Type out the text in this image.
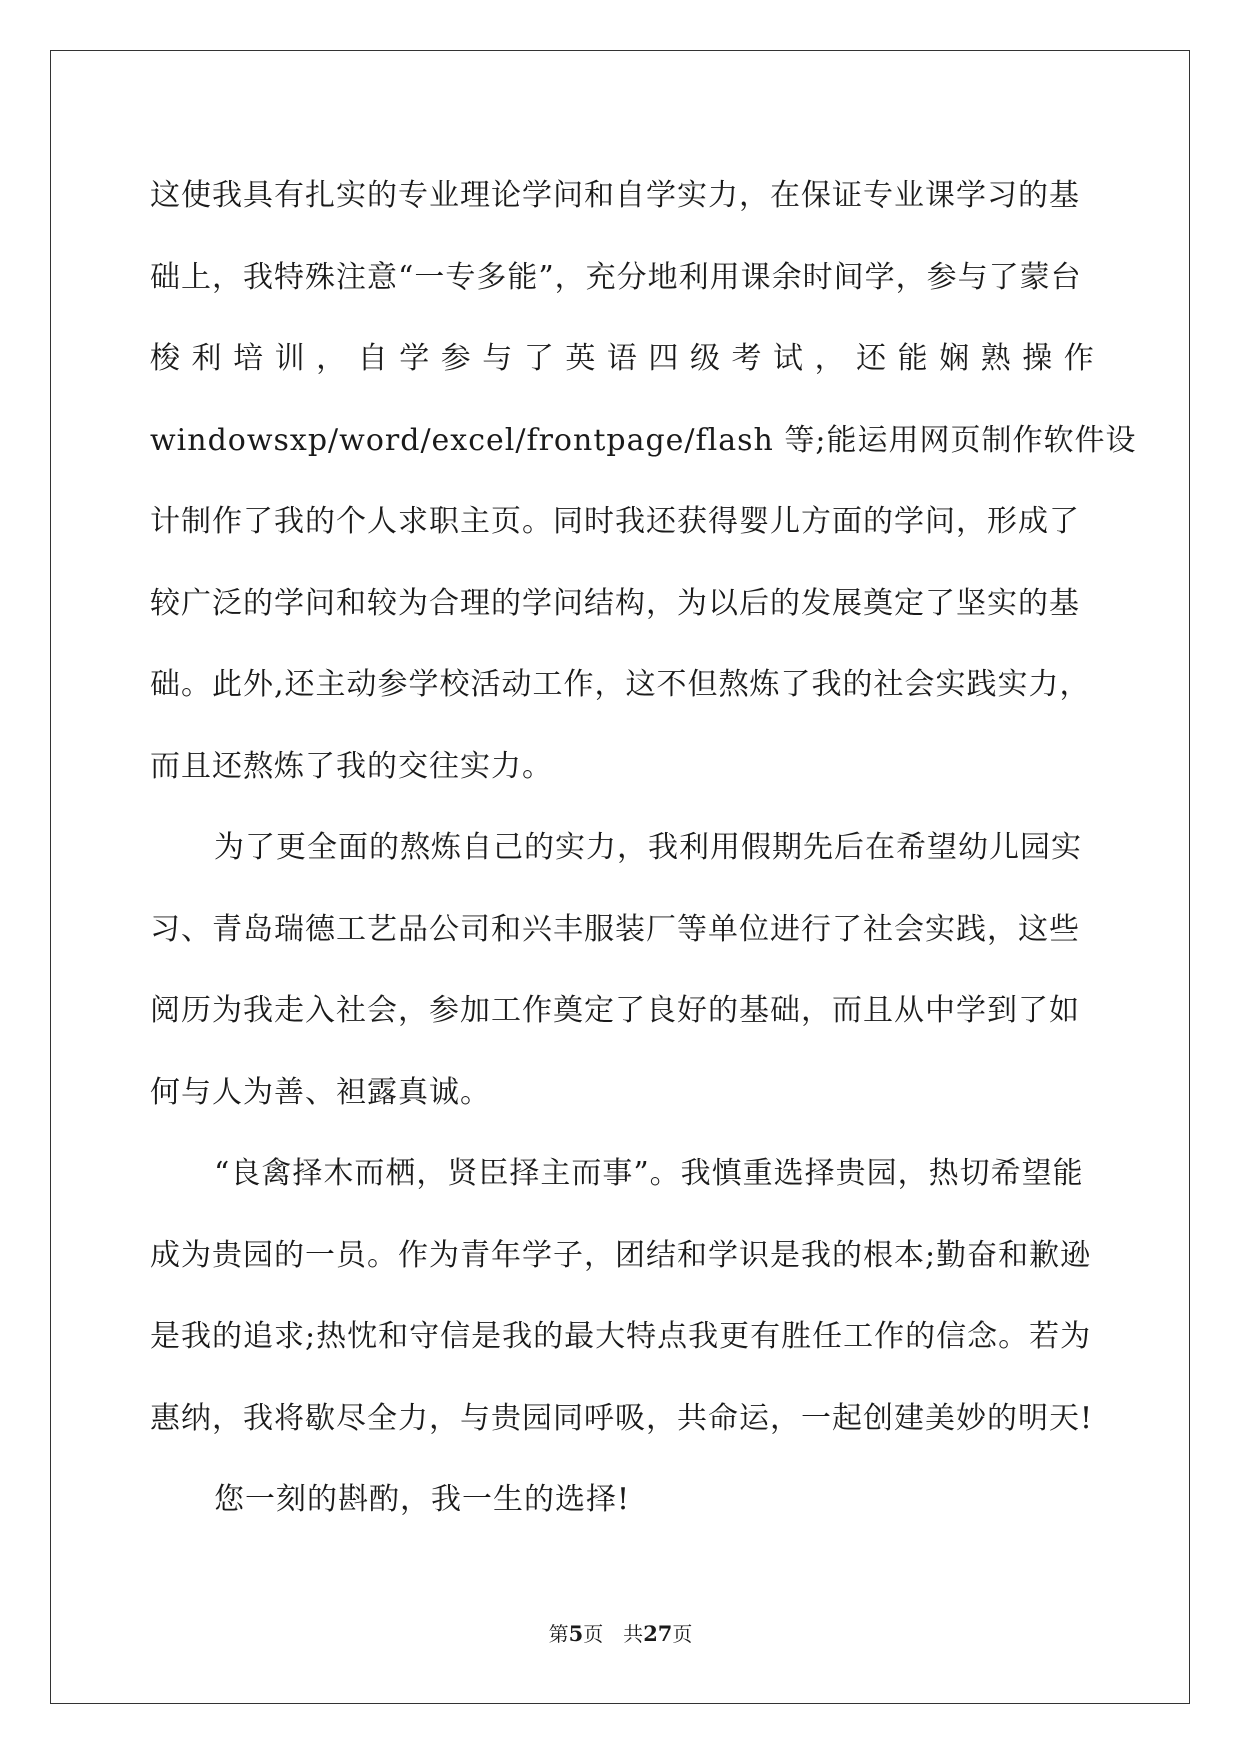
这使我具有扎实的专业理论学问和自学实力，在保证专业课学习的基
础上，我特殊注意“一专多能”，充分地利用课余时间学，参与了蒙台
梭 利 培 训 ， 自 学 参 与 了 英 语 四 级 考 试 ， 还 能 娴 熟 操 作
windowsxp/word/excel/frontpage/flash 等;能运用网页制作软件设
计制作了我的个人求职主页。同时我还获得婴儿方面的学问，形成了
较广泛的学问和较为合理的学问结构，为以后的发展奠定了坚实的基
础。此外,还主动参学校活动工作，这不但熬炼了我的社会实践实力，
而且还熬炼了我的交往实力。
为了更全面的熬炼自己的实力，我利用假期先后在希望幼儿园实
习、青岛瑞德工艺品公司和兴丰服装厂等单位进行了社会实践，这些
阅历为我走入社会，参加工作奠定了良好的基础，而且从中学到了如
何与人为善、袒露真诚。
“良禽择木而栖，贤臣择主而事”。我慎重选择贵园，热切希望能
成为贵园的一员。作为青年学子，团结和学识是我的根本;勤奋和歉逊
是我的追求;热忱和守信是我的最大特点我更有胜任工作的信念。若为
惠纳，我将歇尽全力，与贵园同呼吸，共命运，一起创建美妙的明天!
您一刻的斟酌，我一生的选择!
第5页　共27页
